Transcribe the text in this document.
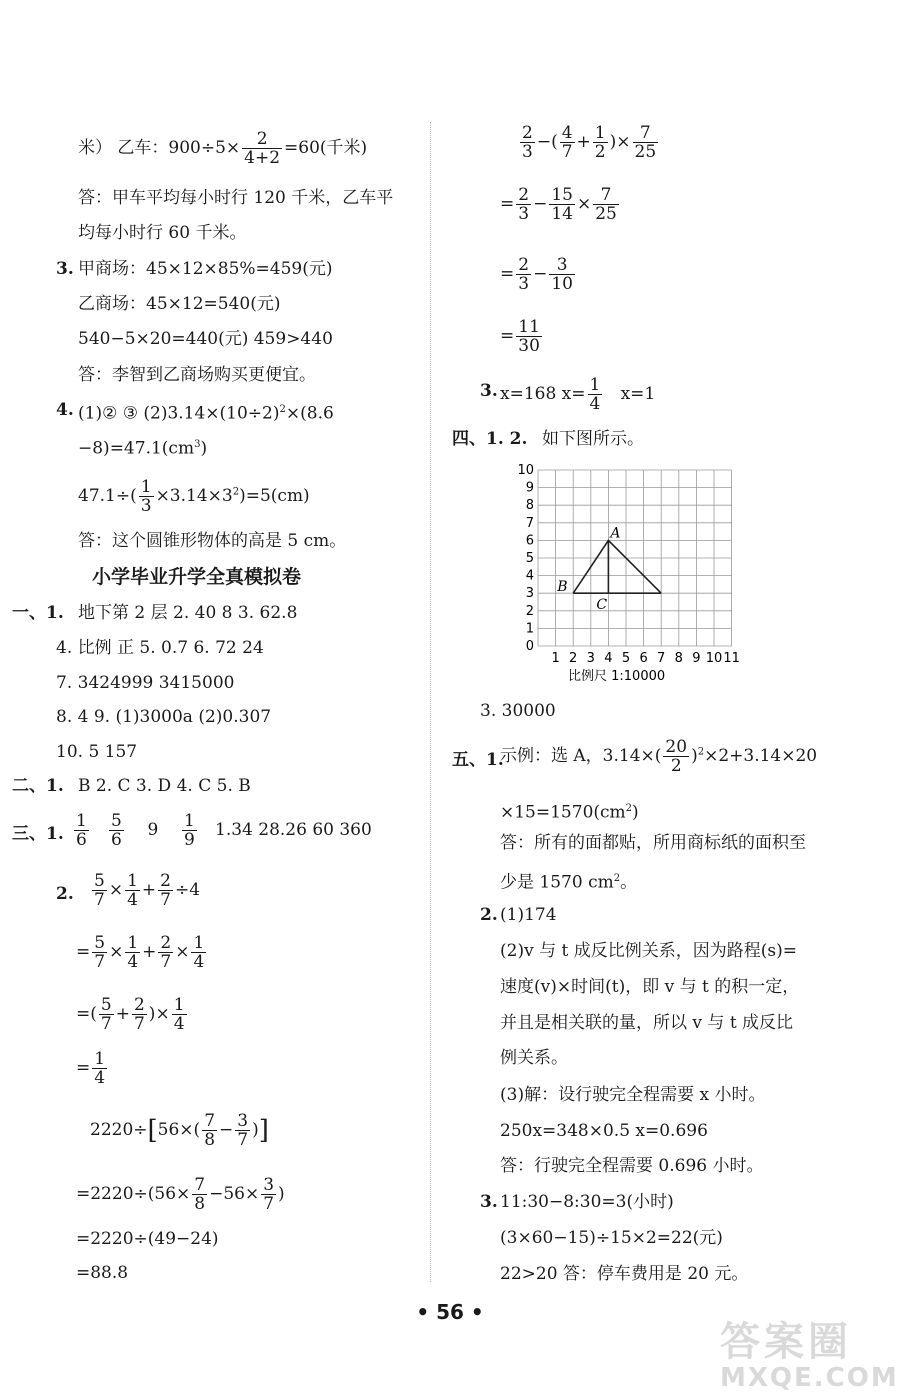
米） 乙车：$900\div 5\times \frac{2}{4+2} =60$(千米)
答：甲车平均每小时行 120 千米，乙车平
均每小时行 60 千米。
3. 甲商场：45×12×85%=459(元)
乙商场：45×12=540(元)
540−5×20=440(元) 459>440
答：李智到乙商场购买更便宜。
4. (1)② ③ $(2)3.14\times(10\div 2)^2\times(8.6$
$-8)=47.1(cm^3)$
$47.1\div( \frac{1}{3} \times 3.14\times 3^2)=5(cm)$
答：这个圆锥形物体的高是 5 cm。
小学毕业升学全真模拟卷
一、1. 地下第 2 层 2. 40 8 3. 62.8
4. 比例 正 5. 0.7 6. 72 24
7. 3424999 3415000
8. 4 9. (1)3000a (2)0.307
10. 5 157
二、1. B 2. C 3. D 4. C 5. B
三、1. $\frac{1}{6}$
$\frac{5}{6} 9 \frac{1}{9} 1.34$ 28.26 60 360
2. $\frac{5}{7} \times \frac{1}{4} + \frac{2}{7} \div 4$
= $\frac{5}{7} \times \frac{1}{4} + \frac{2}{7} \times \frac{1}{4}$
=( $\frac{5}{7} + \frac{2}{7}$ )× $\frac{1}{4}$
= $\frac{1}{4}$
$2220\div[56\times( \frac{7}{8} - \frac{3}{7}$ )]
$=2220\div(56\times \frac{7}{8} -56\times \frac{3}{7}$ )
=2220÷(49−24)
=88.8
$\frac{2}{3}$ −( $\frac{4}{7} + \frac{1}{2}$ )× $\frac{7}{25}$
= $\frac{2}{3} - \frac{15}{14} \times \frac{7}{25}$
= $\frac{2}{3} - \frac{3}{10}$
= $\frac{11}{30}$
3. x=168 $x= \frac{1}{4} x=1$
四、1. 2. 如下图所示。
10
9
8
7
6
5
4
3
2
1
0
1 2 3 4 5 6 7 8 9 10 11
A
B
C
比例尺 1:10000
3. 30000
五、1.
示例：选 A，$3.14\times( \frac{20}{2} )^2\times 2+3.14\times 20$
$\times 15=1570(cm^2)$
答：所有的面都贴，所用商标纸的面积至
少是 1570 $cm^2$。
2. (1)174
(2)v 与 t 成反比例关系，因为路程(s)=
速度(v)×时间(t)，即 v 与 t 的积一定，
并且是相关联的量，所以 v 与 t 成反比
例关系。
(3)解：设行驶完全程需要 x 小时。
250x=348×0.5 x=0.696
答：行驶完全程需要 0.696 小时。
3. 11:30−8:30=3(小时)
(3×60−15)÷15×2=22(元)
22>20 答：停车费用是 20 元。
• 56 •
答案圈
MXQE.COM
